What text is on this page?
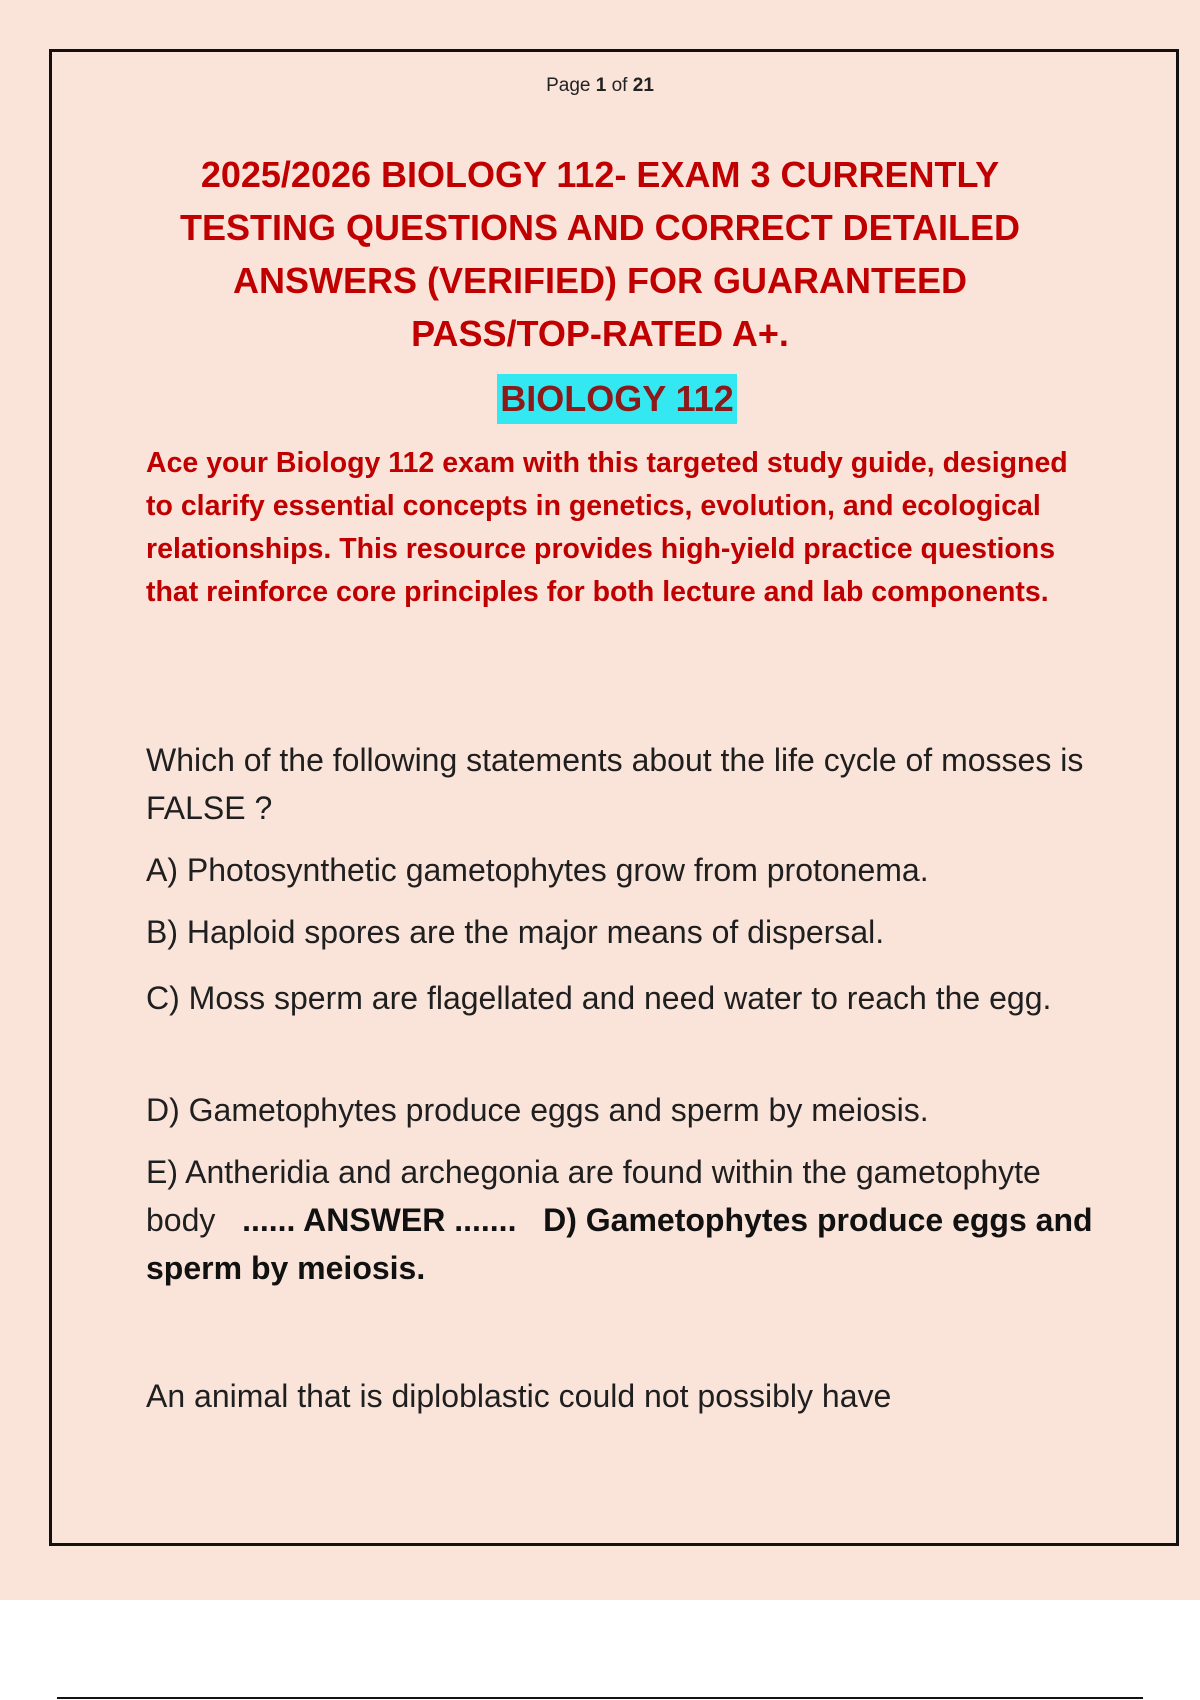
Page 1 of 21
2025/2026 BIOLOGY 112- EXAM 3 CURRENTLY TESTING QUESTIONS AND CORRECT DETAILED ANSWERS (VERIFIED) FOR GUARANTEED PASS/TOP-RATED A+.
BIOLOGY 112

Ace your Biology 112 exam with this targeted study guide, designed to clarify essential concepts in genetics, evolution, and ecological relationships. This resource provides high-yield practice questions that reinforce core principles for both lecture and lab components.

Which of the following statements about the life cycle of mosses is FALSE ?

A) Photosynthetic gametophytes grow from protonema.

B) Haploid spores are the major means of dispersal.

C) Moss sperm are flagellated and need water to reach the egg.

D) Gametophytes produce eggs and sperm by meiosis.

E) Antheridia and archegonia are found within the gametophyte body ...... ANSWER ....... D) Gametophytes produce eggs and sperm by meiosis.

An animal that is diploblastic could not possibly have
